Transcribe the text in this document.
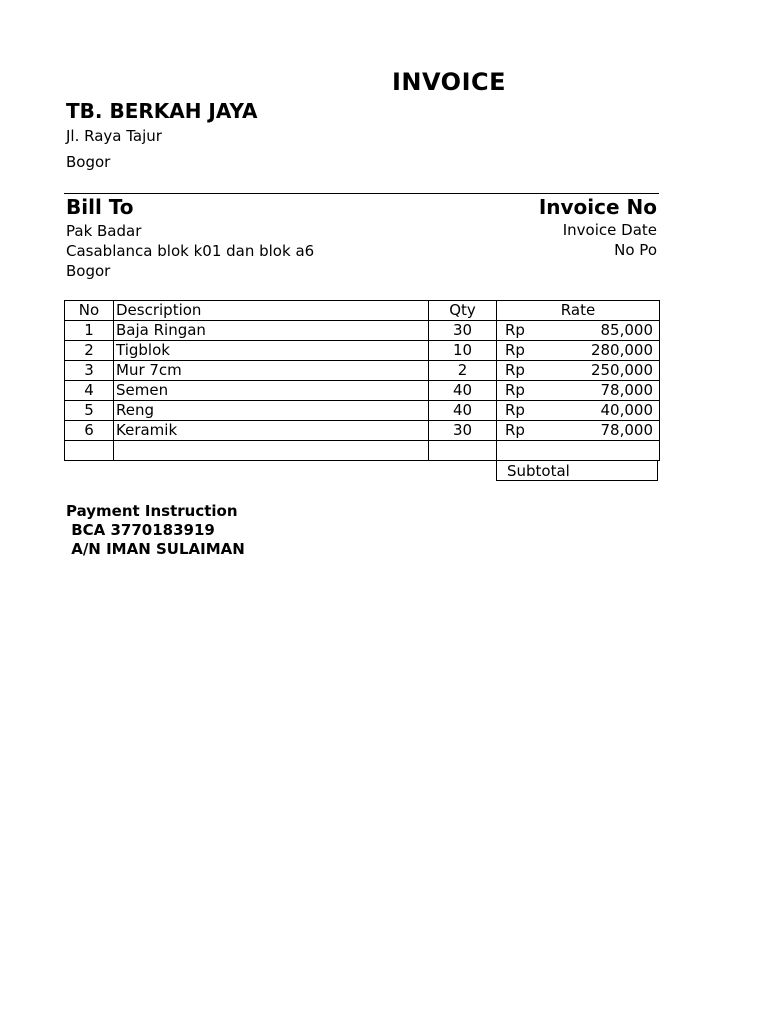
INVOICE
TB. BERKAH JAYA
Jl. Raya Tajur
Bogor
Bill To	Invoice No
Pak Badar
Casablanca blok k01 dan blok a6
Bogor
Invoice Date
No Po
No	Description	Qty	Rate

1	Baja Ringan	30	Rp 85,000

2	Tigblok	10	Rp 280,000

3	Mur 7cm	2	Rp 250,000

4	Semen	40	Rp 78,000

5	Reng	40	Rp 40,000

6	Keramik	30	Rp 78,000

Subtotal
Payment Instruction
BCA 3770183919
A/N IMAN SULAIMAN
